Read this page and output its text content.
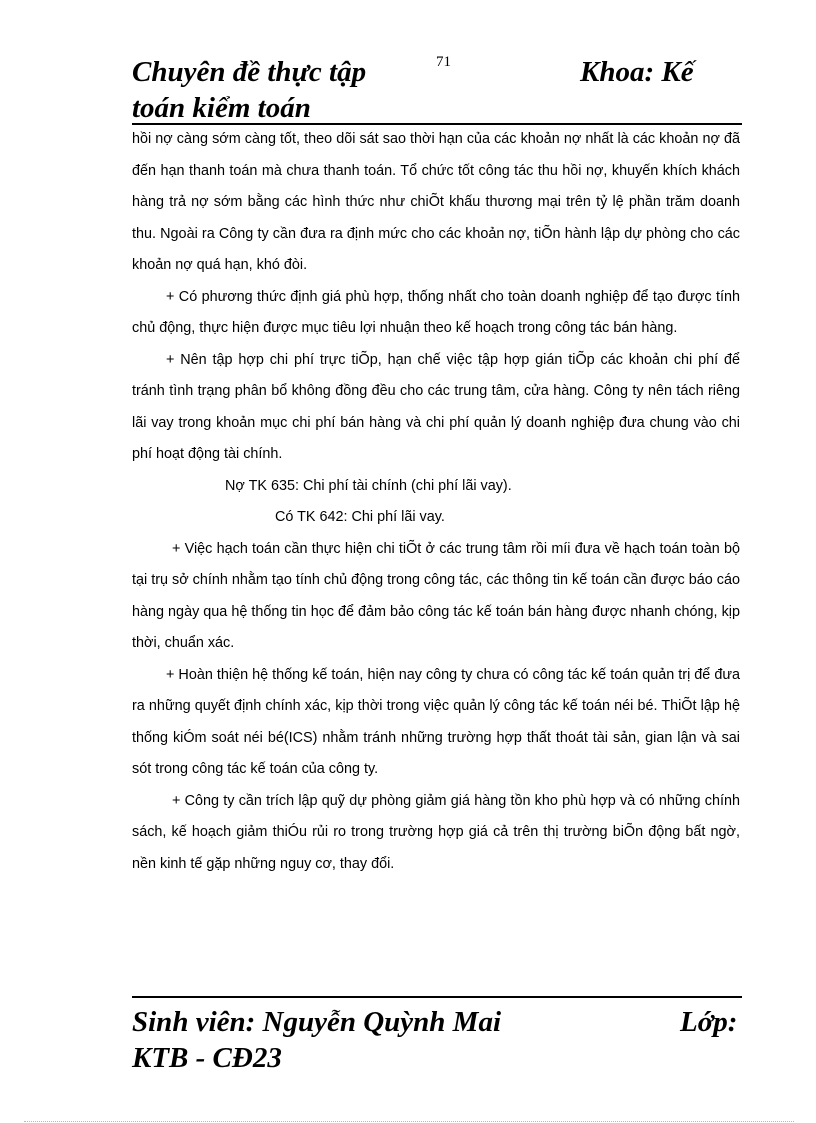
Chuyên đề thực tập
toán kiểm toán
71	Khoa: Kế

hồi nợ càng sớm càng tốt, theo dõi sát sao thời hạn của các khoản nợ nhất là các khoản nợ đã đến hạn thanh toán mà chưa thanh toán. Tổ chức tốt công tác thu hồi nợ, khuyến khích khách hàng trả nợ sớm bằng các hình thức như chiÕt khấu thương mại trên tỷ lệ phần trăm doanh thu. Ngoài ra Công ty cần đưa ra định mức cho các khoản nợ, tiÕn hành lập dự phòng cho các khoản nợ quá hạn, khó đòi.

+ Có phương thức định giá phù hợp, thống nhất cho toàn doanh nghiệp để tạo được tính chủ động, thực hiện được mục tiêu lợi nhuận theo kế hoạch trong công tác bán hàng.

+ Nên tập hợp chi phí trực tiÕp, hạn chế việc tập hợp gián tiÕp các khoản chi phí để tránh tình trạng phân bổ không đồng đều cho các trung tâm, cửa hàng. Công ty nên tách riêng lãi vay trong khoản mục chi phí bán hàng và chi phí quản lý doanh nghiệp đưa chung vào chi phí hoạt động tài chính.

Nợ TK 635: Chi phí tài chính (chi phí lãi vay).

Có TK 642: Chi phí lãi vay.

+ Việc hạch toán cần thực hiện chi tiÕt ở các trung tâm rồi míi đưa về hạch toán toàn bộ tại trụ sở chính nhằm tạo tính chủ động trong công tác, các thông tin kế toán cần được báo cáo hàng ngày qua hệ thống tin học để đảm bảo công tác kế toán bán hàng được nhanh chóng, kịp thời, chuẩn xác.

+ Hoàn thiện hệ thống kế toán, hiện nay công ty chưa có công tác kế toán quản trị để đưa ra những quyết định chính xác, kịp thời trong việc quản lý công tác kế toán néi bé. ThiÕt lập hệ thống kiÓm soát néi bé(ICS) nhằm tránh những trường hợp thất thoát tài sản, gian lận và sai sót trong công tác kế toán của công ty.

+ Công ty cần trích lập quỹ dự phòng giảm giá hàng tồn kho phù hợp và có những chính sách, kế hoạch giảm thiÓu rủi ro trong trường hợp giá cả trên thị trường biÕn động bất ngờ, nền kinh tế gặp những nguy cơ, thay đổi.

Sinh viên: Nguyễn Quỳnh Mai
KTB - CĐ23
Lớp:
